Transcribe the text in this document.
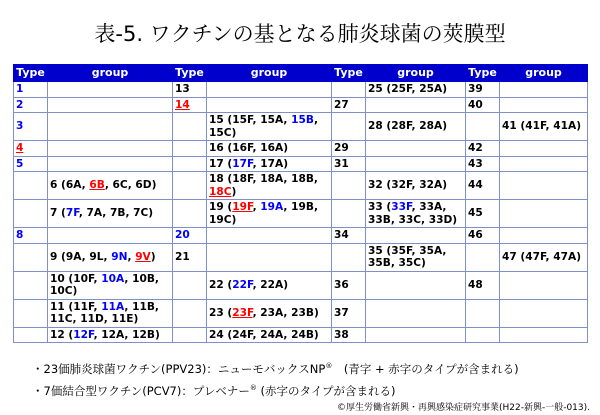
表-5. ワクチンの基となる肺炎球菌の莢膜型
Type	group	Type	group	Type	group	Type	group
1		13			25 (25F, 25A)	39	
2		14		27		40	
3			15 (15F, 15A, 15B, 15C)		28 (28F, 28A)		41 (41F, 41A)
4			16 (16F, 16A)	29		42	
5			17 (17F, 17A)	31		43	
	6 (6A, 6B, 6C, 6D)		18 (18F, 18A, 18B, 18C)		32 (32F, 32A)	44	
	7 (7F, 7A, 7B, 7C)		19 (19F, 19A, 19B, 19C)		33 (33F, 33A, 33B, 33C, 33D)	45	
8		20		34		46	
	9 (9A, 9L, 9N, 9V)	21			35 (35F, 35A, 35B, 35C)		47 (47F, 47A)
	10 (10F, 10A, 10B, 10C)		22 (22F, 22A)	36		48	
	11 (11F, 11A, 11B, 11C, 11D, 11E)		23 (23F, 23A, 23B)	37			
	12 (12F, 12A, 12B)		24 (24F, 24A, 24B)	38			
・23価肺炎球菌ワクチン(PPV23)：ニューモバックスNP®　(青字 + 赤字のタイプが含まれる)
・7価結合型ワクチン(PCV7)：プレベナー® (赤字のタイプが含まれる)
©厚生労働省新興・再興感染症研究事業(H22-新興-一般-013).
